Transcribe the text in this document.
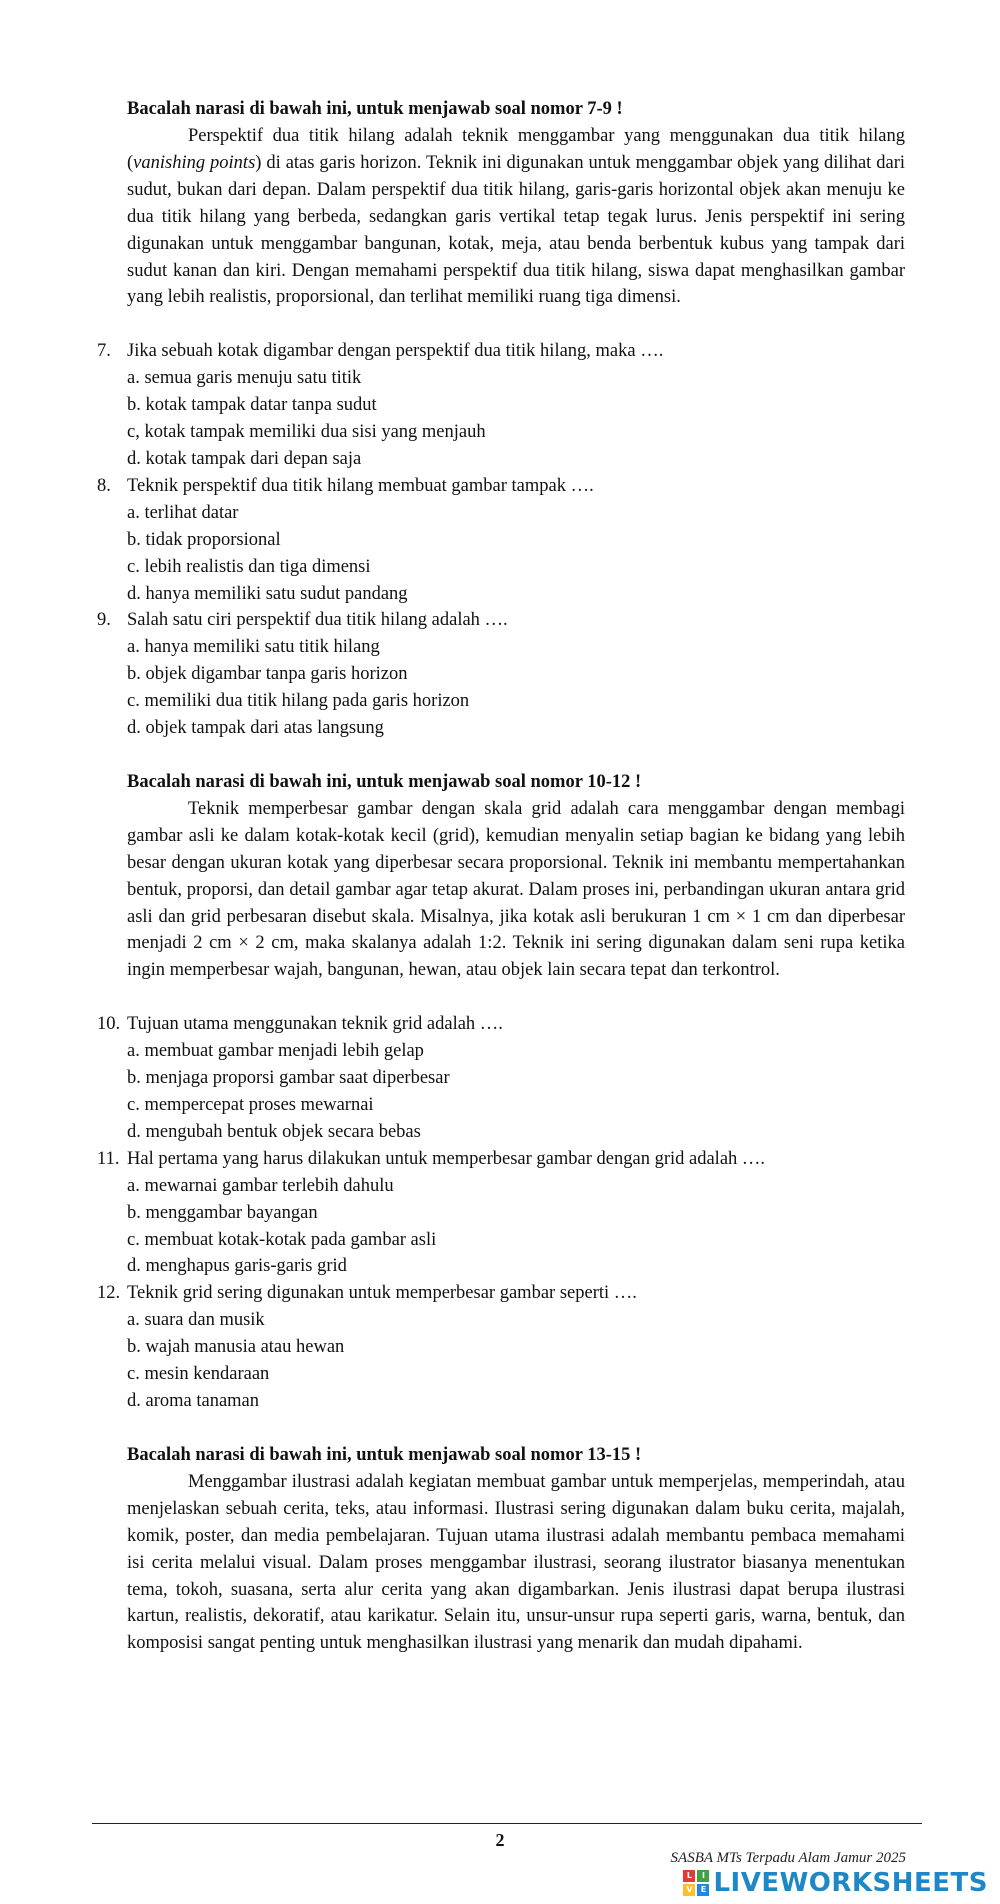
Bacalah narasi di bawah ini, untuk menjawab soal nomor 7-9 !

Perspektif dua titik hilang adalah teknik menggambar yang menggunakan dua titik hilang (vanishing points) di atas garis horizon. Teknik ini digunakan untuk menggambar objek yang dilihat dari sudut, bukan dari depan. Dalam perspektif dua titik hilang, garis-garis horizontal objek akan menuju ke dua titik hilang yang berbeda, sedangkan garis vertikal tetap tegak lurus. Jenis perspektif ini sering digunakan untuk menggambar bangunan, kotak, meja, atau benda berbentuk kubus yang tampak dari sudut kanan dan kiri. Dengan memahami perspektif dua titik hilang, siswa dapat menghasilkan gambar yang lebih realistis, proporsional, dan terlihat memiliki ruang tiga dimensi.

7. Jika sebuah kotak digambar dengan perspektif dua titik hilang, maka ….

a. semua garis menuju satu titik

b. kotak tampak datar tanpa sudut

c, kotak tampak memiliki dua sisi yang menjauh

d. kotak tampak dari depan saja

8. Teknik perspektif dua titik hilang membuat gambar tampak ….

a. terlihat datar

b. tidak proporsional

c. lebih realistis dan tiga dimensi

d. hanya memiliki satu sudut pandang

9. Salah satu ciri perspektif dua titik hilang adalah ….

a. hanya memiliki satu titik hilang

b. objek digambar tanpa garis horizon

c. memiliki dua titik hilang pada garis horizon

d. objek tampak dari atas langsung

Bacalah narasi di bawah ini, untuk menjawab soal nomor 10-12 !

Teknik memperbesar gambar dengan skala grid adalah cara menggambar dengan membagi gambar asli ke dalam kotak-kotak kecil (grid), kemudian menyalin setiap bagian ke bidang yang lebih besar dengan ukuran kotak yang diperbesar secara proporsional. Teknik ini membantu mempertahankan bentuk, proporsi, dan detail gambar agar tetap akurat. Dalam proses ini, perbandingan ukuran antara grid asli dan grid perbesaran disebut skala. Misalnya, jika kotak asli berukuran 1 cm × 1 cm dan diperbesar menjadi 2 cm × 2 cm, maka skalanya adalah 1:2. Teknik ini sering digunakan dalam seni rupa ketika ingin memperbesar wajah, bangunan, hewan, atau objek lain secara tepat dan terkontrol.

10. Tujuan utama menggunakan teknik grid adalah ….

a. membuat gambar menjadi lebih gelap

b. menjaga proporsi gambar saat diperbesar

c. mempercepat proses mewarnai

d. mengubah bentuk objek secara bebas

11. Hal pertama yang harus dilakukan untuk memperbesar gambar dengan grid adalah ….

a. mewarnai gambar terlebih dahulu

b. menggambar bayangan

c. membuat kotak-kotak pada gambar asli

d. menghapus garis-garis grid

12. Teknik grid sering digunakan untuk memperbesar gambar seperti ….

a. suara dan musik

b. wajah manusia atau hewan

c. mesin kendaraan

d. aroma tanaman

Bacalah narasi di bawah ini, untuk menjawab soal nomor 13-15 !

Menggambar ilustrasi adalah kegiatan membuat gambar untuk memperjelas, memperindah, atau menjelaskan sebuah cerita, teks, atau informasi. Ilustrasi sering digunakan dalam buku cerita, majalah, komik, poster, dan media pembelajaran. Tujuan utama ilustrasi adalah membantu pembaca memahami isi cerita melalui visual. Dalam proses menggambar ilustrasi, seorang ilustrator biasanya menentukan tema, tokoh, suasana, serta alur cerita yang akan digambarkan. Jenis ilustrasi dapat berupa ilustrasi kartun, realistis, dekoratif, atau karikatur. Selain itu, unsur-unsur rupa seperti garis, warna, bentuk, dan komposisi sangat penting untuk menghasilkan ilustrasi yang menarik dan mudah dipahami.

2
SASBA MTs Terpadu Alam Jamur 2025
L	I
V	E LIVEWORKSHEETS
